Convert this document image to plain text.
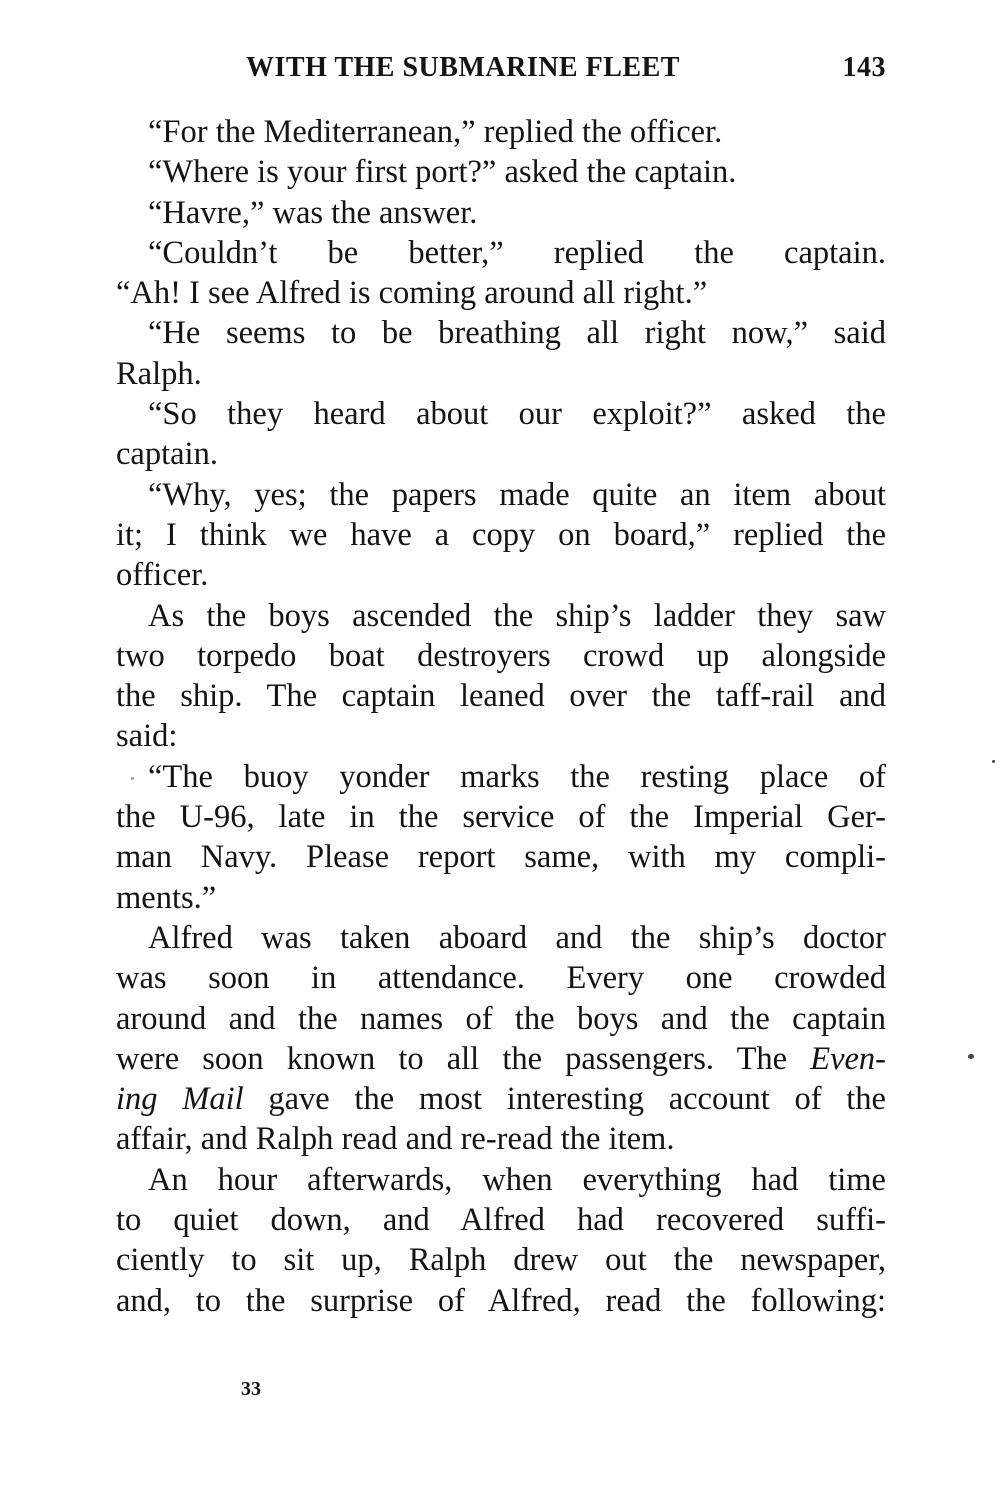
WITH THE SUBMARINE FLEET	143

“For the Mediterranean,” replied the officer.

“Where is your first port?” asked the captain.

“Havre,” was the answer.

“Couldn’t be better,” replied the captain.
“Ah! I see Alfred is coming around all right.”

“He seems to be breathing all right now,” said
Ralph.

“So they heard about our exploit?” asked the
captain.

“Why, yes; the papers made quite an item about
it; I think we have a copy on board,” replied the
officer.

As the boys ascended the ship’s ladder they saw
two torpedo boat destroyers crowd up alongside
the ship. The captain leaned over the taff-rail and
said:

“The buoy yonder marks the resting place of
the U-96, late in the service of the Imperial Ger-
man Navy. Please report same, with my compli-
ments.”

Alfred was taken aboard and the ship’s doctor
was soon in attendance. Every one crowded
around and the names of the boys and the captain
were soon known to all the passengers. The Even-
ing Mail gave the most interesting account of the
affair, and Ralph read and re-read the item.

An hour afterwards, when everything had time
to quiet down, and Alfred had recovered suffi-
ciently to sit up, Ralph drew out the newspaper,
and, to the surprise of Alfred, read the following:

33
